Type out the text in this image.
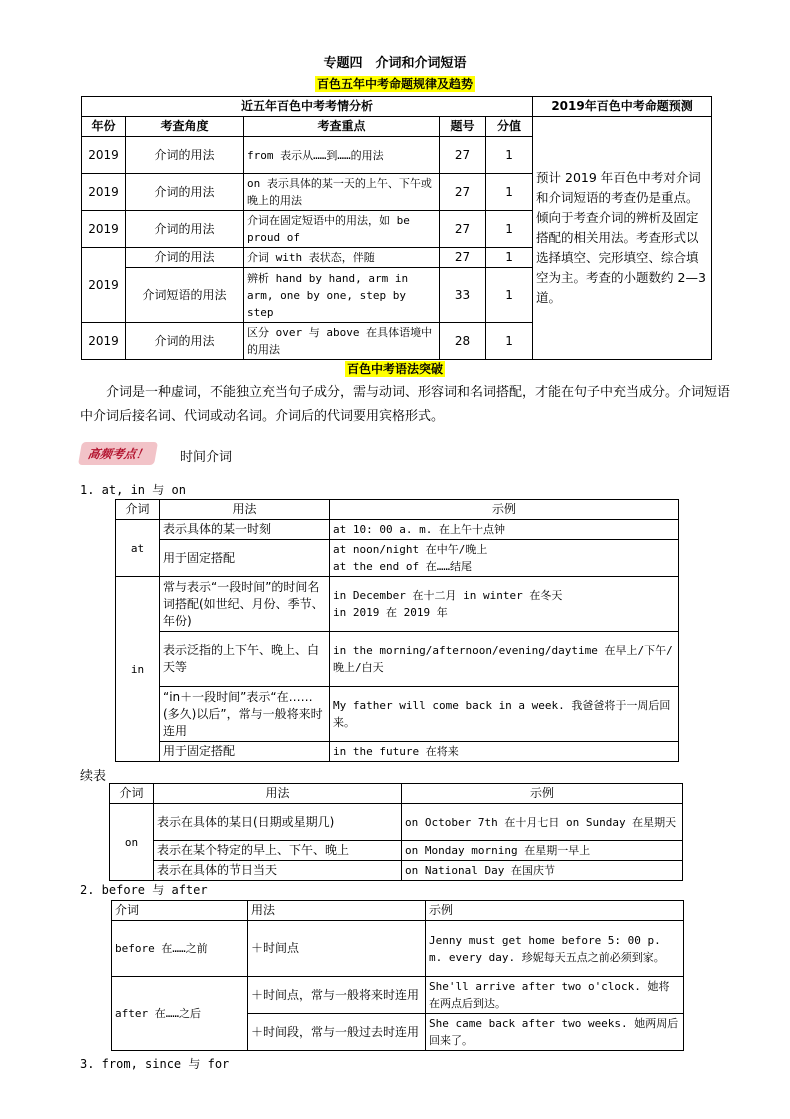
专题四　介词和介词短语
百色五年中考命题规律及趋势
近五年百色中考考情分析					2019年百色中考命题预测
年份	考查角度	考查重点	题号	分值	预计 2019 年百色中考对介词和介词短语的考查仍是重点。倾向于考查介词的辨析及固定搭配的相关用法。考查形式以选择填空、完形填空、综合填空为主。考查的小题数约 2—3 道。
2019	介词的用法	from 表示从……到……的用法	27	1	
2019	介词的用法	on 表示具体的某一天的上午、下午或晚上的用法	27	1	
2019	介词的用法	介词在固定短语中的用法，如 be proud of	27	1	
2019	介词的用法	介词 with 表状态，伴随	27	1	
	介词短语的用法	辨析 hand by hand, arm in arm, one by one, step by step	33	1	
2019	介词的用法	区分 over 与 above 在具体语境中的用法	28	1	
百色中考语法突破
介词是一种虚词，不能独立充当句子成分，需与动词、形容词和名词搭配，才能在句子中充当成分。介词短语中介词后接名词、代词或动名词。介词后的代词要用宾格形式。
高频考点！	时间介词
1. at, in 与 on
介词	用法	示例
at	表示具体的某一时刻	at 10: 00 a. m. 在上午十点钟
	用于固定搭配	at noon/night 在中午/晚上
at the end of 在……结尾
in	常与表示“一段时间”的时间名词搭配(如世纪、月份、季节、年份)	in December 在十二月 in winter 在冬天
in 2019 在 2019 年
	表示泛指的上下午、晚上、白天等	in the morning/afternoon/evening/daytime 在早上/下午/晚上/白天
	“in＋一段时间”表示“在……(多久)以后”，常与一般将来时连用	My father will come back in a week. 我爸爸将于一周后回来。
	用于固定搭配	in the future 在将来
续表
介词	用法	示例
on	表示在具体的某日(日期或星期几)	on October 7th 在十月七日 on Sunday 在星期天
	表示在某个特定的早上、下午、晚上	on Monday morning 在星期一早上
	表示在具体的节日当天	on National Day 在国庆节
2. before 与 after
介词	用法	示例
before 在……之前	＋时间点	Jenny must get home before 5: 00 p. m. every day. 珍妮每天五点之前必须到家。
after 在……之后	＋时间点，常与一般将来时连用	She'll arrive after two o'clock. 她将在两点后到达。
	＋时间段，常与一般过去时连用	She came back after two weeks. 她两周后回来了。
3. from, since 与 for
